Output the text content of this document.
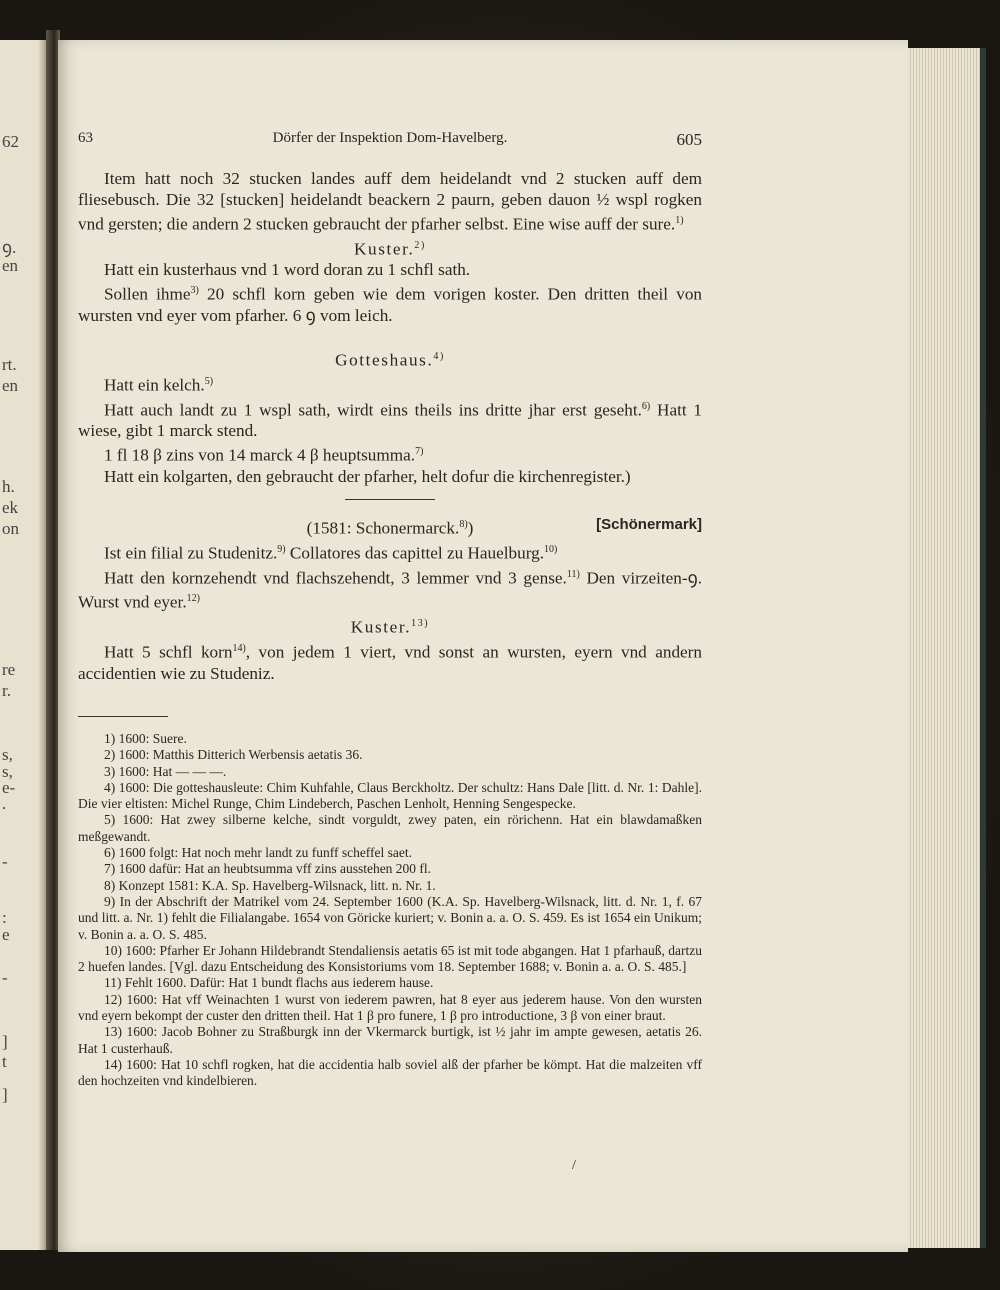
62
ꝯ.
en
rt.
en
h.
ek
on
re
r.
s,
s,
e-
.
-
:
e
-
]
t
]
63	Dörfer der Inspektion Dom-Havelberg.	605

Item hatt noch 32 stucken landes auff dem heidelandt vnd 2 stucken auff dem fliesebusch. Die 32 [stucken] heidelandt beackern 2 paurn, geben dauon ½ wspl rogken vnd gersten; die andern 2 stucken gebraucht der pfarher selbst. Eine wise auff der sure.$^{1)}$

Kuster.$^{2)}$

Hatt ein kusterhaus vnd 1 word doran zu 1 schfl sath.

Sollen ihme$^{3)}$ 20 schfl korn geben wie dem vorigen koster. Den dritten theil von wursten vnd eyer vom pfarher. 6 ꝯ vom leich.

Gotteshaus.$^{4)}$

Hatt ein kelch.$^{5)}$

Hatt auch landt zu 1 wspl sath, wirdt eins theils ins dritte jhar erst geseht.$^{6)}$ Hatt 1 wiese, gibt 1 marck stend.

1 fl 18 β zins von 14 marck 4 β heuptsumma.$^{7)}$

Hatt ein kolgarten, den gebraucht der pfarher, helt dofur die kirchenregister.)

(1581: Schonermarck.$^{8)}$)	[Schönermark]

Ist ein filial zu Studenitz.$^{9)}$ Collatores das capittel zu Hauelburg.$^{10)}$

Hatt den kornzehendt vnd flachszehendt, 3 lemmer vnd 3 gense.$^{11)}$ Den virzeiten-ꝯ. Wurst vnd eyer.$^{12)}$

Kuster.$^{13)}$

Hatt 5 schfl korn$^{14)}$, von jedem 1 viert, vnd sonst an wursten, eyern vnd andern accidentien wie zu Studeniz.

1) 1600: Suere.

2) 1600: Matthis Ditterich Werbensis aetatis 36.

3) 1600: Hat — — —.

4) 1600: Die gotteshausleute: Chim Kuhfahle, Claus Berckholtz. Der schultz: Hans Dale [litt. d. Nr. 1: Dahle]. Die vier eltisten: Michel Runge, Chim Lindeberch, Paschen Lenholt, Henning Sengespecke.

5) 1600: Hat zwey silberne kelche, sindt vorguldt, zwey paten, ein rörichenn. Hat ein blawdamaßken meßgewandt.

6) 1600 folgt: Hat noch mehr landt zu funff scheffel saet.

7) 1600 dafür: Hat an heubtsumma vff zins ausstehen 200 fl.

8) Konzept 1581: K.A. Sp. Havelberg-Wilsnack, litt. n. Nr. 1.

9) In der Abschrift der Matrikel vom 24. September 1600 (K.A. Sp. Havelberg-Wilsnack, litt. d. Nr. 1, f. 67 und litt. a. Nr. 1) fehlt die Filialangabe. 1654 von Göricke kuriert; v. Bonin a. a. O. S. 459. Es ist 1654 ein Unikum; v. Bonin a. a. O. S. 485.

10) 1600: Pfarher Er Johann Hildebrandt Stendaliensis aetatis 65 ist mit tode abgangen. Hat 1 pfarhauß, dartzu 2 huefen landes. [Vgl. dazu Entscheidung des Konsistoriums vom 18. September 1688; v. Bonin a. a. O. S. 485.]

11) Fehlt 1600. Dafür: Hat 1 bundt flachs aus iederem hause.

12) 1600: Hat vff Weinachten 1 wurst von iederem pawren, hat 8 eyer aus jederem hause. Von den wursten vnd eyern bekompt der custer den dritten theil. Hat 1 β pro funere, 1 β pro introductione, 3 β von einer braut.

13) 1600: Jacob Bohner zu Straßburgk inn der Vkermarck burtigk, ist ½ jahr im ampte gewesen, aetatis 26. Hat 1 custerhauß.

14) 1600: Hat 10 schfl rogken, hat die accidentia halb soviel alß der pfarher be kömpt. Hat die malzeiten vff den hochzeiten vnd kindelbieren.

/
